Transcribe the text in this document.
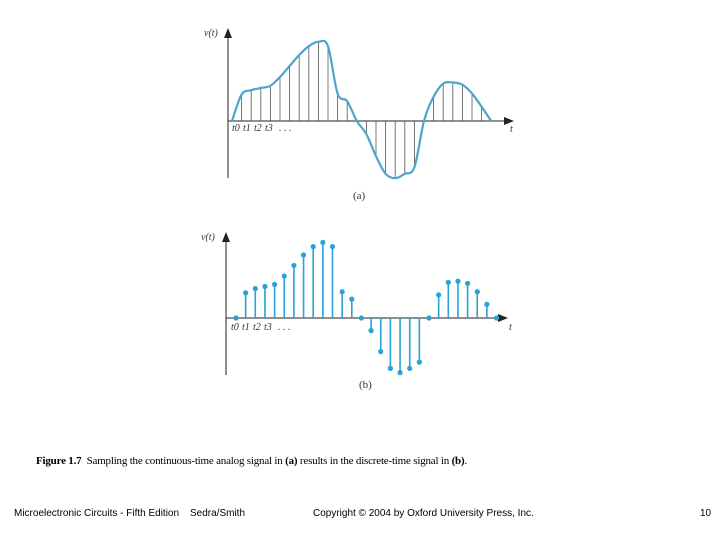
v(t)
t
t0 t1 t2 t3 . . .
(a)
v(t)
t
t0 t1 t2 t3 . . .
(b)
Figure 1.7 Sampling the continuous-time analog signal in (a) results in the discrete-time signal in (b).
Microelectronic Circuits - Fifth Edition Sedra/Smith	Copyright © 2004 by Oxford University Press, Inc.	10
